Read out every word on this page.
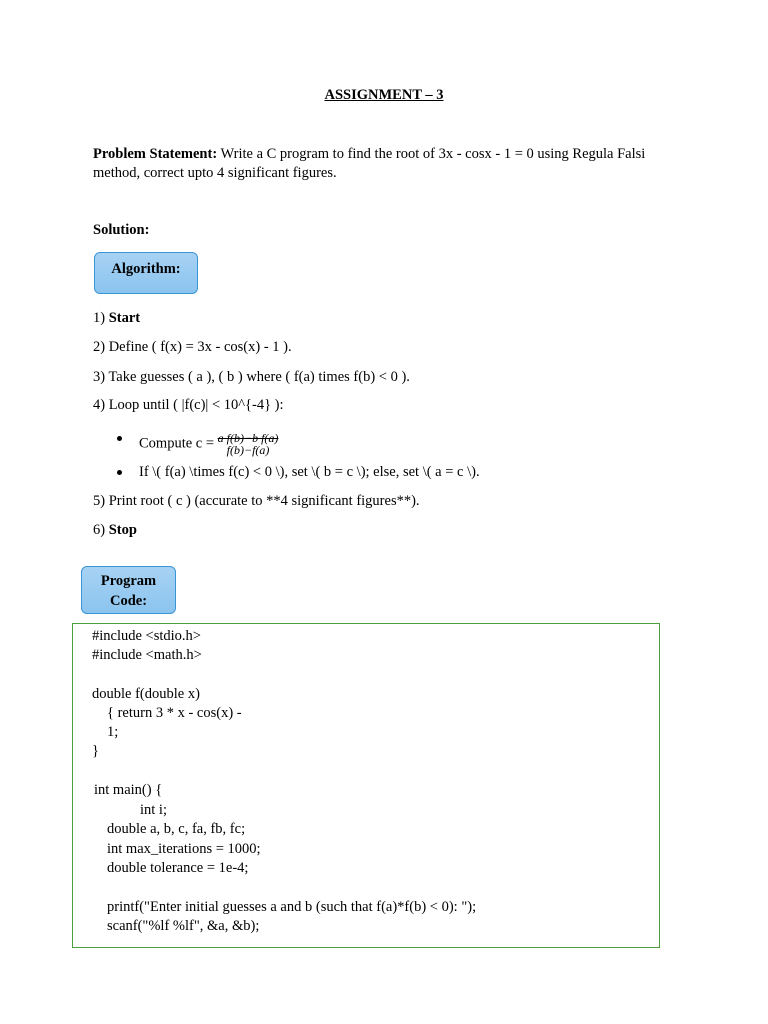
ASSIGNMENT – 3
Problem Statement: Write a C program to find the root of 3x - cosx - 1 = 0 using Regula Falsi method, correct upto 4 significant figures.
Solution:
Algorithm:
1) Start
2) Define ( f(x) = 3x - cos(x) - 1 ).
3) Take guesses ( a ), ( b ) where ( f(a) times f(b) < 0 ).
4) Loop until ( |f(c)| < 10^{-4} ):
Compute c = a f(b)−b f(a)
f(b)−f(a)
If \( f(a) \times f(c) < 0 \), set \( b = c \); else, set \( a = c \).
5) Print root ( c ) (accurate to **4 significant figures**).
6) Stop
Program
Code:
#include <stdio.h>
#include <math.h>
double f(double x)
{ return 3 * x - cos(x) -
1;
}
int main() {
int i;
double a, b, c, fa, fb, fc;
int max_iterations = 1000;
double tolerance = 1e-4;
printf("Enter initial guesses a and b (such that f(a)*f(b) < 0): ");
scanf("%lf %lf", &a, &b);
